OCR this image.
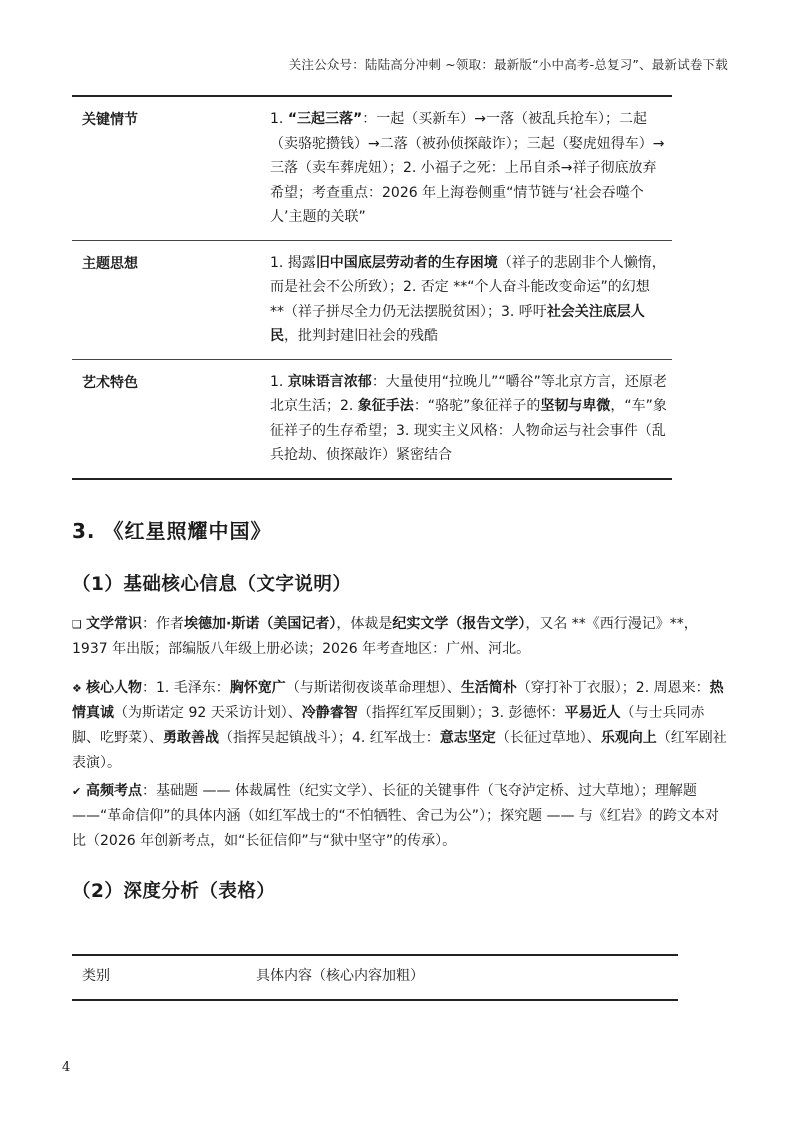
关注公众号：陆陆高分冲刺 ~领取：最新版“小中高考-总复习”、最新试卷下载
关键情节	1. “三起三落”：一起（买新车）→一落（被乱兵抢车）；二起（卖骆驼攒钱）→二落（被孙侦探敲诈）；三起（娶虎妞得车）→三落（卖车葬虎妞）；2. 小福子之死：上吊自杀→祥子彻底放弃希望；考查重点：2026 年上海卷侧重“情节链与‘社会吞噬个人’主题的关联”
主题思想	1. 揭露旧中国底层劳动者的生存困境（祥子的悲剧非个人懒惰，而是社会不公所致）；2. 否定 **“个人奋斗能改变命运”的幻想 **（祥子拼尽全力仍无法摆脱贫困）；3. 呼吁社会关注底层人民，批判封建旧社会的残酷
艺术特色	1. 京味语言浓郁：大量使用“拉晚儿”“嚼谷”等北京方言，还原老北京生活；2. 象征手法：“骆驼”象征祥子的坚韧与卑微，“车”象征祥子的生存希望；3. 现实主义风格：人物命运与社会事件（乱兵抢劫、侦探敲诈）紧密结合
3. 《红星照耀中国》
（1）基础核心信息（文字说明）
❑ 文学常识：作者埃德加·斯诺（美国记者），体裁是纪实文学（报告文学），又名 **《西行漫记》**，1937 年出版；部编版八年级上册必读；2026 年考查地区：广州、河北。
❖ 核心人物：1. 毛泽东：胸怀宽广（与斯诺彻夜谈革命理想）、生活简朴（穿打补丁衣服）；2. 周恩来：热情真诚（为斯诺定 92 天采访计划）、冷静睿智（指挥红军反围剿）；3. 彭德怀：平易近人（与士兵同赤脚、吃野菜）、勇敢善战（指挥吴起镇战斗）；4. 红军战士：意志坚定（长征过草地）、乐观向上（红军剧社表演）。
✔ 高频考点：基础题 —— 体裁属性（纪实文学）、长征的关键事件（飞夺泸定桥、过大草地）；理解题 ——“革命信仰”的具体内涵（如红军战士的“不怕牺牲、舍己为公”）；探究题 —— 与《红岩》的跨文本对比（2026 年创新考点，如“长征信仰”与“狱中坚守”的传承）。
（2）深度分析（表格）
类别	具体内容（核心内容加粗）
4
